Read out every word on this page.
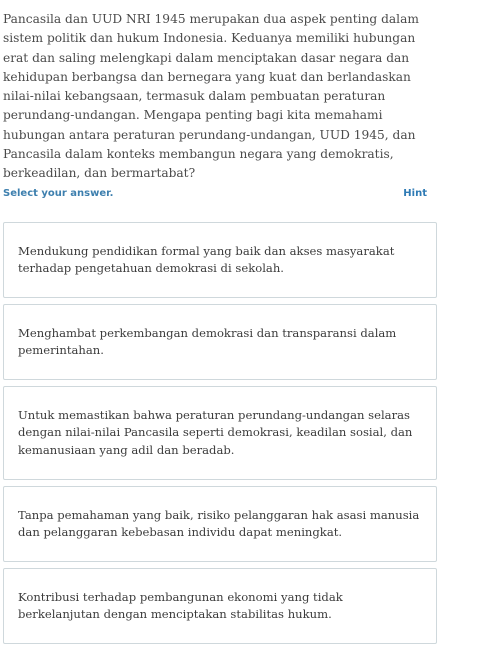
Pancasila dan UUD NRI 1945 merupakan dua aspek penting dalam sistem politik dan hukum Indonesia. Keduanya memiliki hubungan erat dan saling melengkapi dalam menciptakan dasar negara dan kehidupan berbangsa dan bernegara yang kuat dan berlandaskan nilai-nilai kebangsaan, termasuk dalam pembuatan peraturan perundang-undangan. Mengapa penting bagi kita memahami hubungan antara peraturan perundang-undangan, UUD 1945, dan Pancasila dalam konteks membangun negara yang demokratis, berkeadilan, dan bermartabat?

Select your answer.	Hint
Mendukung pendidikan formal yang baik dan akses masyarakat terhadap pengetahuan demokrasi di sekolah.
Menghambat perkembangan demokrasi dan transparansi dalam pemerintahan.
Untuk memastikan bahwa peraturan perundang-undangan selaras dengan nilai-nilai Pancasila seperti demokrasi, keadilan sosial, dan kemanusiaan yang adil dan beradab.
Tanpa pemahaman yang baik, risiko pelanggaran hak asasi manusia dan pelanggaran kebebasan individu dapat meningkat.
Kontribusi terhadap pembangunan ekonomi yang tidak berkelanjutan dengan menciptakan stabilitas hukum.
